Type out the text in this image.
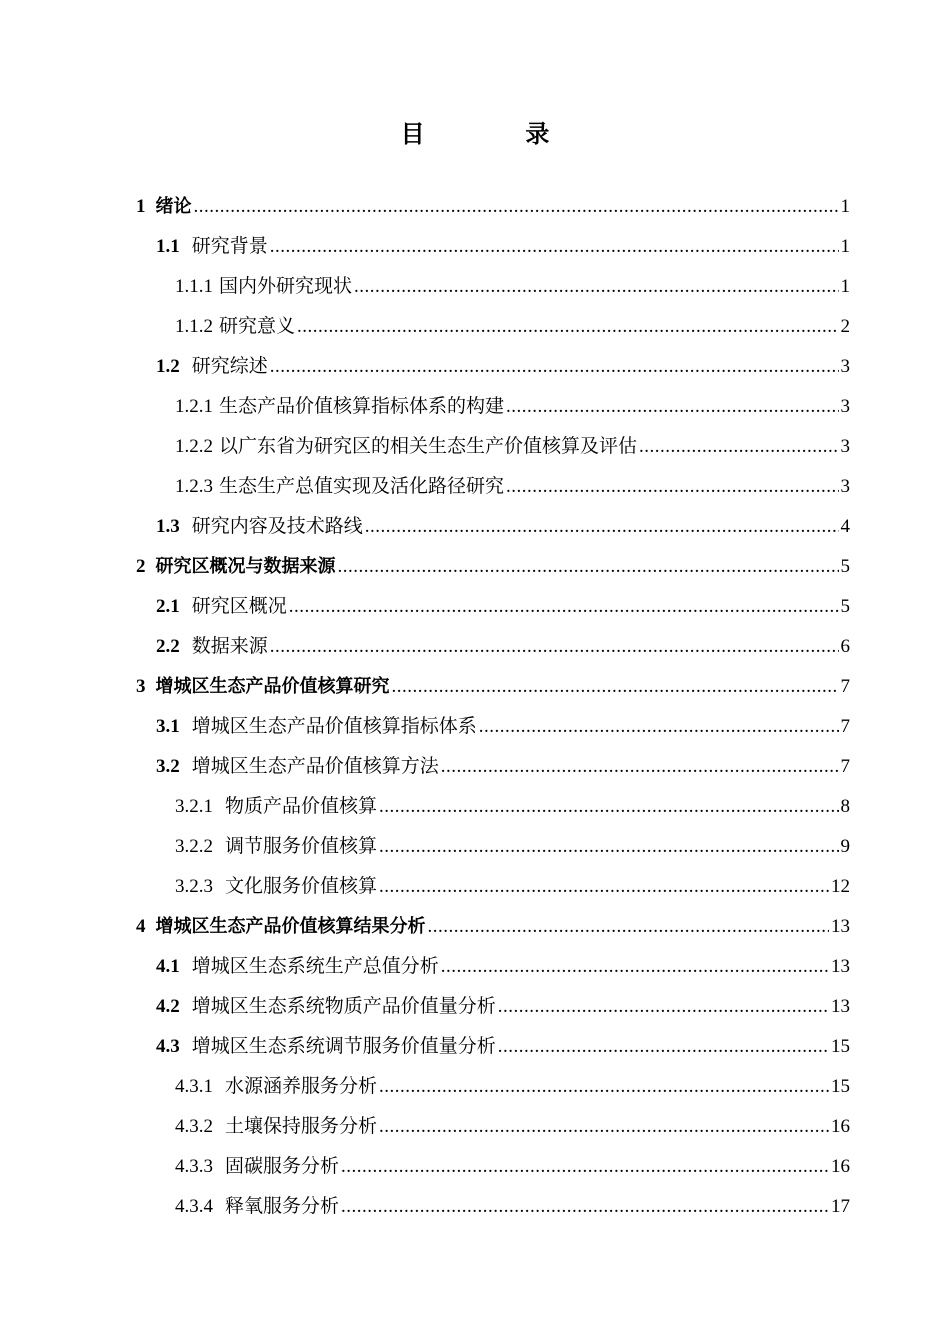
目　录
1 绪论 .....	1
1.1 研究背景 .....	1
1.1.1 国内外研究现状 .....	1
1.1.2 研究意义 .....	2
1.2 研究综述 .....	3
1.2.1 生态产品价值核算指标体系的构建 .....	3
1.2.2 以广东省为研究区的相关生态生产价值核算及评估 .....	3
1.2.3 生态生产总值实现及活化路径研究 .....	3
1.3 研究内容及技术路线 .....	4
2 研究区概况与数据来源 .....	5
2.1 研究区概况 .....	5
2.2 数据来源 .....	6
3 增城区生态产品价值核算研究 .....	7
3.1 增城区生态产品价值核算指标体系 .....	7
3.2 增城区生态产品价值核算方法 .....	7
3.2.1 物质产品价值核算 .....	8
3.2.2 调节服务价值核算 .....	9
3.2.3 文化服务价值核算 .....	12
4 增城区生态产品价值核算结果分析 .....	13
4.1 增城区生态系统生产总值分析 .....	13
4.2 增城区生态系统物质产品价值量分析 .....	13
4.3 增城区生态系统调节服务价值量分析 .....	15
4.3.1 水源涵养服务分析 .....	15
4.3.2 土壤保持服务分析 .....	16
4.3.3 固碳服务分析 .....	16
4.3.4 释氧服务分析 .....	17
